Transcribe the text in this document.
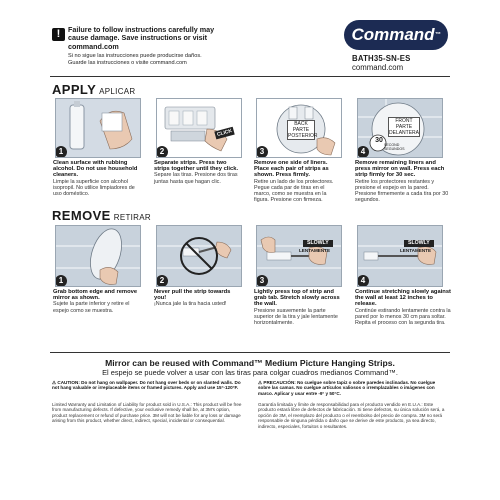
!	Failure to follow instructions carefully may cause damage. Save instructions or visit command.com
Si no sigue las instrucciones puede producirse daños. Guarde las instrucciones o visite command.com
Command ™
BATH35-SN-ES
command.com
APPLY APLICAR
1
Clean surface with rubbing alcohol. Do not use household cleaners.
Limpie la superficie con alcohol isopropil. No utilice limpiadores de uso doméstico.
CLICK
2
Separate strips. Press two strips together until they click.
Separe las tiras. Presione dos tiras juntas hasta que hagan clic.
BACK
PARTE
POSTERIOR
3
Remove one side of liners. Place each pair of strips as shown. Press firmly.
Retire un lado de los protectores. Pegue cada par de tiras en el marco, como se muestra en la figura. Presione con firmeza.
FRONT
PARTE
DELANTERA
30
SECOND
SEGUNDOS
4
Remove remaining liners and press mirror on wall. Press each strip firmly for 30 sec.
Retire los protectores restantes y presione el espejo en la pared. Presione firmemente a cada tira por 30 segundos.
REMOVE RETIRAR
1
Grab bottom edge and remove mirror as shown.
Sujete la parte inferior y retire el espejo como se muestra.
2
Never pull the strip towards you!
¡Nunca jale la tira hacia usted!
SLOWLY
LENTAMENTE
3
Lightly press top of strip and grab tab. Stretch slowly across the wall.
Presione suavemente la parte superior de la tira y jale lentamente horizontalmente.
SLOWLY
LENTAMENTE
4
Continue stretching slowly against the wall at least 12 inches to release.
Continúe estirando lentamente contra la pared por lo menos 30 cm para soltar. Repita el proceso con la segunda tira.
Mirror can be reused with Command™ Medium Picture Hanging Strips.
El espejo se puede volver a usar con las tiras para colgar cuadros medianos Command™.
⚠ CAUTION: Do not hang on wallpaper. Do not hang over beds or on slanted walls. Do not hang valuable or irreplaceable items or framed pictures. Apply and use 15°-120°F.
Limited Warranty and Limitation of Liability for product sold in U.S.A.: This product will be free from manufacturing defects. If defective, your exclusive remedy shall be, at 3M's option, product replacement or refund of purchase price. 3M will not be liable for any loss or damage arising from this product, whether direct, indirect, special, incidental or consequential.
⚠ PRECAUCIÓN: No cuelgue sobre tapiz o sobre paredes inclinadas. No cuelgue sobre las camas. No cuelgue artículos valiosos o irremplazables o imágenes con marco. Aplicar y usar entre -9° y 50°C.
Garantía limitada y límite de responsabilidad para el producto vendido en E.U.A.: Este producto estará libre de defectos de fabricación. Si tiene defectos, su única solución será, a opción de 3M, el reemplazo del producto o el reembolso del precio de compra. 3M no será responsable de ninguna pérdida o daño que se derive de este producto, ya sea directo, indirecto, especiales, fortuitos o resultantes.
